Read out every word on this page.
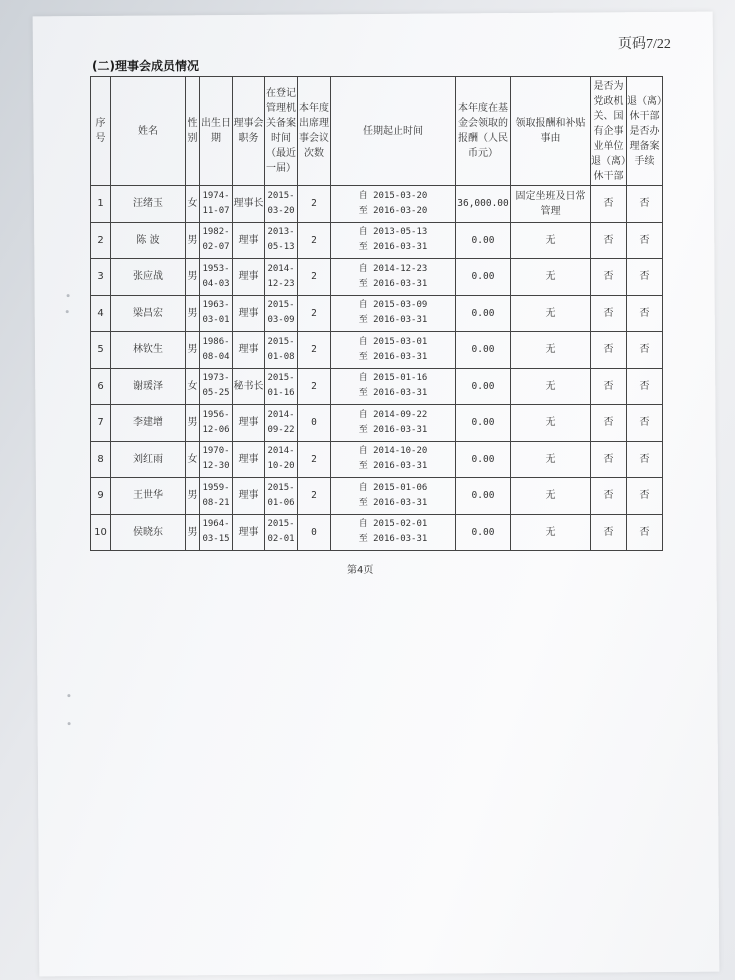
页码7/22
(二)理事会成员情况
序号	姓名	性别	出生日期	理事会职务	在登记管理机关备案时间（最近一届）	本年度出席理事会议次数	任期起止时间	本年度在基金会领取的报酬（人民币元）	领取报酬和补贴事由	是否为党政机关、国有企事业单位退（离）休干部	退（离）休干部是否办理备案手续
1	汪绪玉	女	1974-11-07	理事长	2015-03-20	2	自 2015-03-20
至 2016-03-20	36,000.00	固定坐班及日常管理	否	否
2	陈 波	男	1982-02-07	理事	2013-05-13	2	自 2013-05-13
至 2016-03-31	0.00	无	否	否
3	张应战	男	1953-04-03	理事	2014-12-23	2	自 2014-12-23
至 2016-03-31	0.00	无	否	否
4	梁昌宏	男	1963-03-01	理事	2015-03-09	2	自 2015-03-09
至 2016-03-31	0.00	无	否	否
5	林钦生	男	1986-08-04	理事	2015-01-08	2	自 2015-03-01
至 2016-03-31	0.00	无	否	否
6	谢瑗泽	女	1973-05-25	秘书长	2015-01-16	2	自 2015-01-16
至 2016-03-31	0.00	无	否	否
7	李建增	男	1956-12-06	理事	2014-09-22	0	自 2014-09-22
至 2016-03-31	0.00	无	否	否
8	刘红雨	女	1970-12-30	理事	2014-10-20	2	自 2014-10-20
至 2016-03-31	0.00	无	否	否
9	王世华	男	1959-08-21	理事	2015-01-06	2	自 2015-01-06
至 2016-03-31	0.00	无	否	否
10	侯晓东	男	1964-03-15	理事	2015-02-01	0	自 2015-02-01
至 2016-03-31	0.00	无	否	否
第4页
